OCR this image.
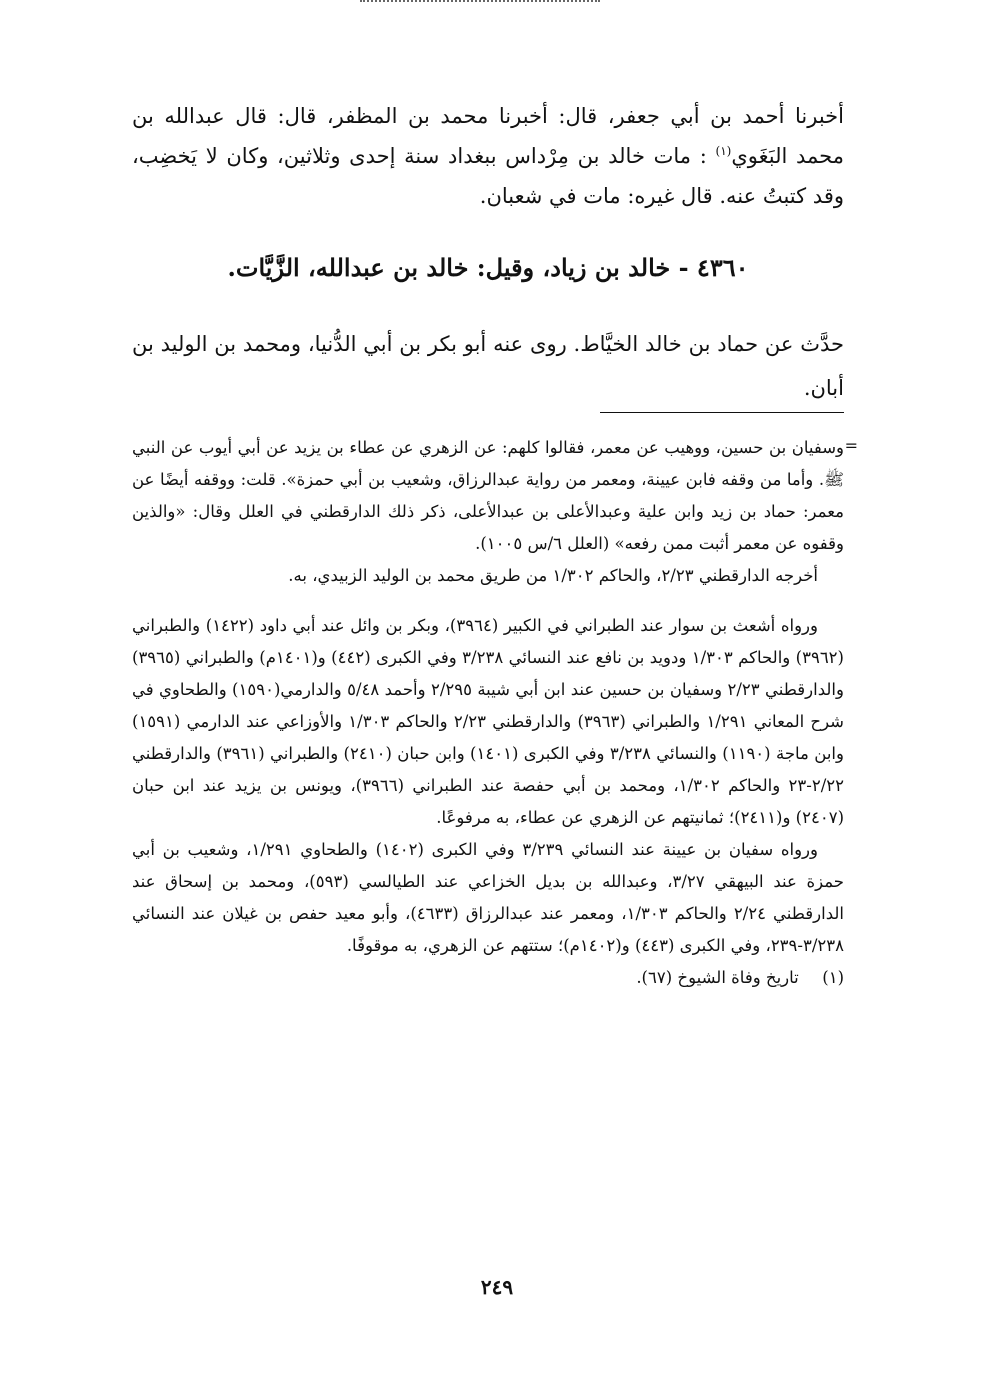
أخبرنا أحمد بن أبي جعفر، قال: أخبرنا محمد بن المظفر، قال: قال عبدالله بن محمد البَغَوي$^{(١)}$ : مات خالد بن مِرْداس ببغداد سنة إحدى وثلاثين، وكان لا يَخضِب، وقد كتبتُ عنه. قال غيره: مات في شعبان.

٤٣٦٠ - خالد بن زياد، وقيل: خالد بن عبدالله، الزَّيَّات.

حدَّث عن حماد بن خالد الخيَّاط. روى عنه أبو بكر بن أبي الدُّنيا، ومحمد بن الوليد بن أبان.

=

وسفيان بن حسين، ووهيب عن معمر، فقالوا كلهم: عن الزهري عن عطاء بن يزيد عن أبي أيوب عن النبي ﷺ. وأما من وقفه فابن عيينة، ومعمر من رواية عبدالرزاق، وشعيب بن أبي حمزة». قلت: ووقفه أيضًا عن معمر: حماد بن زيد وابن علية وعبدالأعلى بن عبدالأعلى، ذكر ذلك الدارقطني في العلل وقال: «والذين وقفوه عن معمر أثبت ممن رفعه» (العلل ٦/س ١٠٠٥).

أخرجه الدارقطني ٢/٢٣، والحاكم ١/٣٠٢ من طريق محمد بن الوليد الزبيدي، به.

ورواه أشعث بن سوار عند الطبراني في الكبير (٣٩٦٤)، وبكر بن وائل عند أبي داود (١٤٢٢) والطبراني (٣٩٦٢) والحاكم ١/٣٠٣ ودويد بن نافع عند النسائي ٣/٢٣٨ وفي الكبرى (٤٤٢) و(١٤٠١م) والطبراني (٣٩٦٥) والدارقطني ٢/٢٣ وسفيان بن حسين عند ابن أبي شيبة ٢/٢٩٥ وأحمد ٥/٤٨ والدارمي(١٥٩٠) والطحاوي في شرح المعاني ١/٢٩١ والطبراني (٣٩٦٣) والدارقطني ٢/٢٣ والحاكم ١/٣٠٣ والأوزاعي عند الدارمي (١٥٩١) وابن ماجة (١١٩٠) والنسائي ٣/٢٣٨ وفي الكبرى (١٤٠١) وابن حبان (٢٤١٠) والطبراني (٣٩٦١) والدارقطني ٢/٢٢-٢٣ والحاكم ١/٣٠٢، ومحمد بن أبي حفصة عند الطبراني (٣٩٦٦)، ويونس بن يزيد عند ابن حبان (٢٤٠٧) و(٢٤١١)؛ ثمانيتهم عن الزهري عن عطاء، به مرفوعًا.

ورواه سفيان بن عيينة عند النسائي ٣/٢٣٩ وفي الكبرى (١٤٠٢) والطحاوي ١/٢٩١، وشعيب بن أبي حمزة عند البيهقي ٣/٢٧، وعبدالله بن بديل الخزاعي عند الطيالسي (٥٩٣)، ومحمد بن إسحاق عند الدارقطني ٢/٢٤ والحاكم ١/٣٠٣، ومعمر عند عبدالرزاق (٤٦٣٣)، وأبو معيد حفص بن غيلان عند النسائي ٣/٢٣٨-٢٣٩، وفي الكبرى (٤٤٣) و(١٤٠٢م)؛ ستتهم عن الزهري، به موقوفًا.

(١) تاريخ وفاة الشيوخ (٦٧).

٢٤٩
